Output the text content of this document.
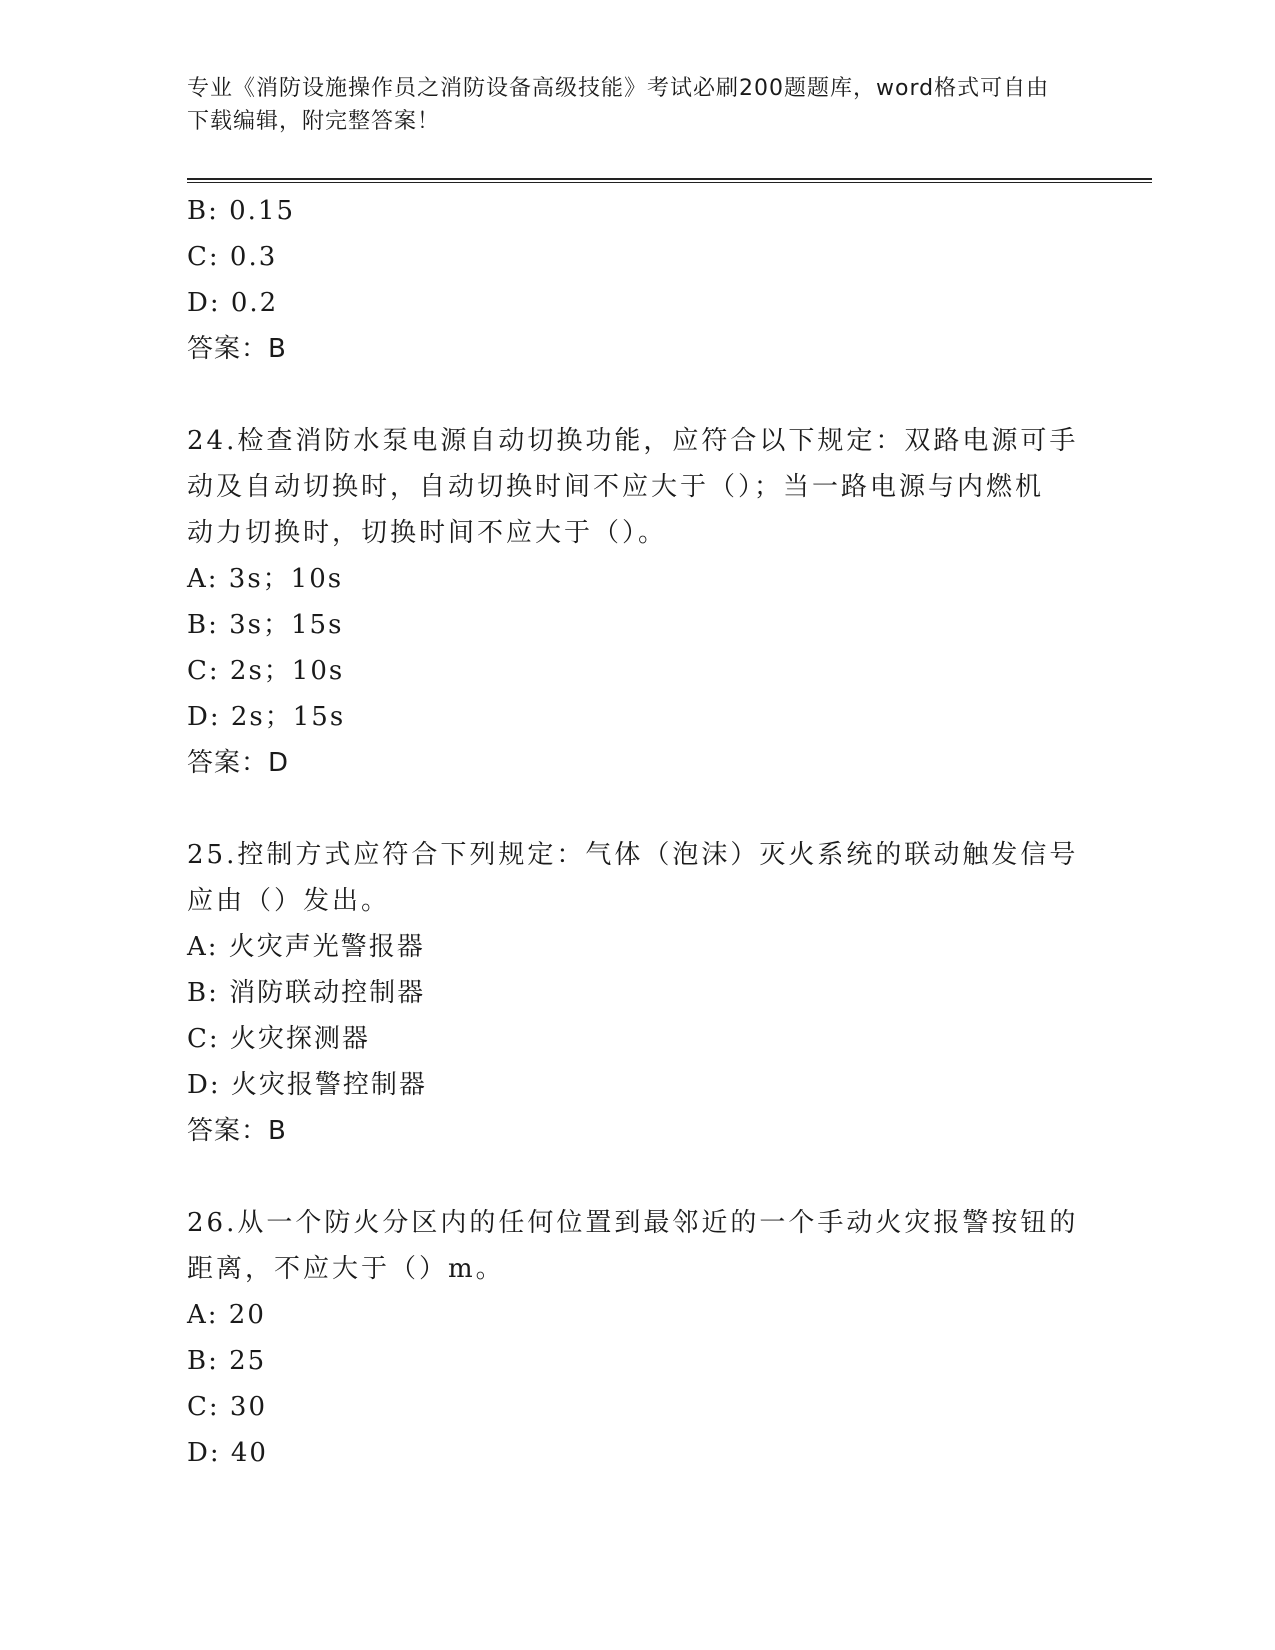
专业《消防设施操作员之消防设备高级技能》考试必刷200题题库，word格式可自由下载编辑，附完整答案！
B: 0.15
C: 0.3
D: 0.2
答案：B
24.检查消防水泵电源自动切换功能，应符合以下规定：双路电源可手
动及自动切换时，自动切换时间不应大于（）；当一路电源与内燃机
动力切换时，切换时间不应大于（）。
A: 3s；10s
B: 3s；15s
C: 2s；10s
D: 2s；15s
答案：D
25.控制方式应符合下列规定：气体（泡沫）灭火系统的联动触发信号
应由（）发出。
A: 火灾声光警报器
B: 消防联动控制器
C: 火灾探测器
D: 火灾报警控制器
答案：B
26.从一个防火分区内的任何位置到最邻近的一个手动火灾报警按钮的
距离，不应大于（）m。
A: 20
B: 25
C: 30
D: 40
